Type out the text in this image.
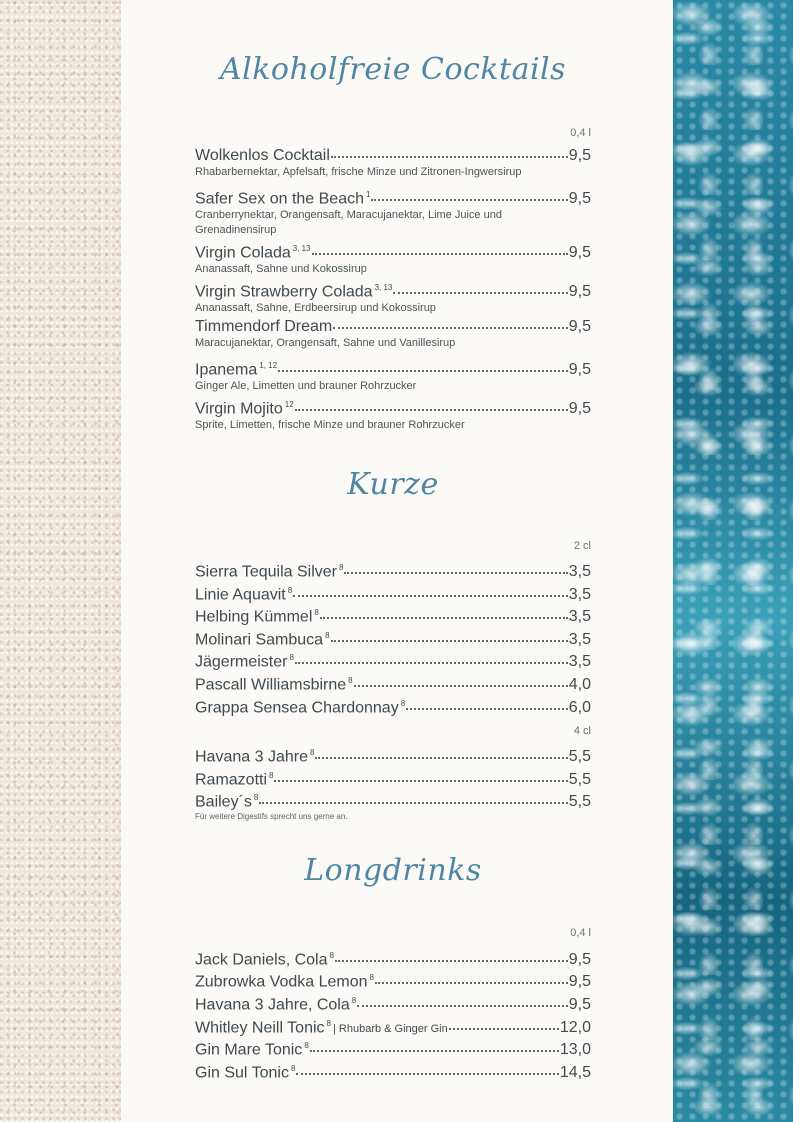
Alkoholfreie Cocktails
0,4 l
Wolkenlos Cocktail	9,5
Rhabarbernektar, Apfelsaft, frische Minze und Zitronen-Ingwersirup
Safer Sex on the Beach $^1$	9,5
Cranberrynektar, Orangensaft, Maracujanektar, Lime Juice und Grenadinensirup
Virgin Colada $^{3, 13}$	9,5
Ananassaft, Sahne und Kokossirup
Virgin Strawberry Colada $^{3, 13}$	9,5
Ananassaft, Sahne, Erdbeersirup und Kokossirup
Timmendorf Dream	9,5
Maracujanektar, Orangensaft, Sahne und Vanillesirup
Ipanema $^{1, 12}$	9,5
Ginger Ale, Limetten und brauner Rohrzucker
Virgin Mojito $^{12}$	9,5
Sprite, Limetten, frische Minze und brauner Rohrzucker
Kurze
2 cl
Sierra Tequila Silver $^8$	3,5
Linie Aquavit $^8$	3,5
Helbing Kümmel $^8$	3,5
Molinari Sambuca $^8$	3,5
Jägermeister $^8$	3,5
Pascall Williamsbirne $^8$	4,0
Grappa Sensea Chardonnay $^8$	6,0
4 cl
Havana 3 Jahre $^8$	5,5
Ramazotti $^8$	5,5
Bailey´s $^8$	5,5
Für weitere Digestifs sprecht uns gerne an.
Longdrinks
0,4 l
Jack Daniels, Cola $^8$	9,5
Zubrowka Vodka Lemon $^8$	9,5
Havana 3 Jahre, Cola $^8$	9,5
Whitley Neill Tonic $^8$ | Rhubarb & Ginger Gin	12,0
Gin Mare Tonic $^8$	13,0
Gin Sul Tonic $^8$	14,5
